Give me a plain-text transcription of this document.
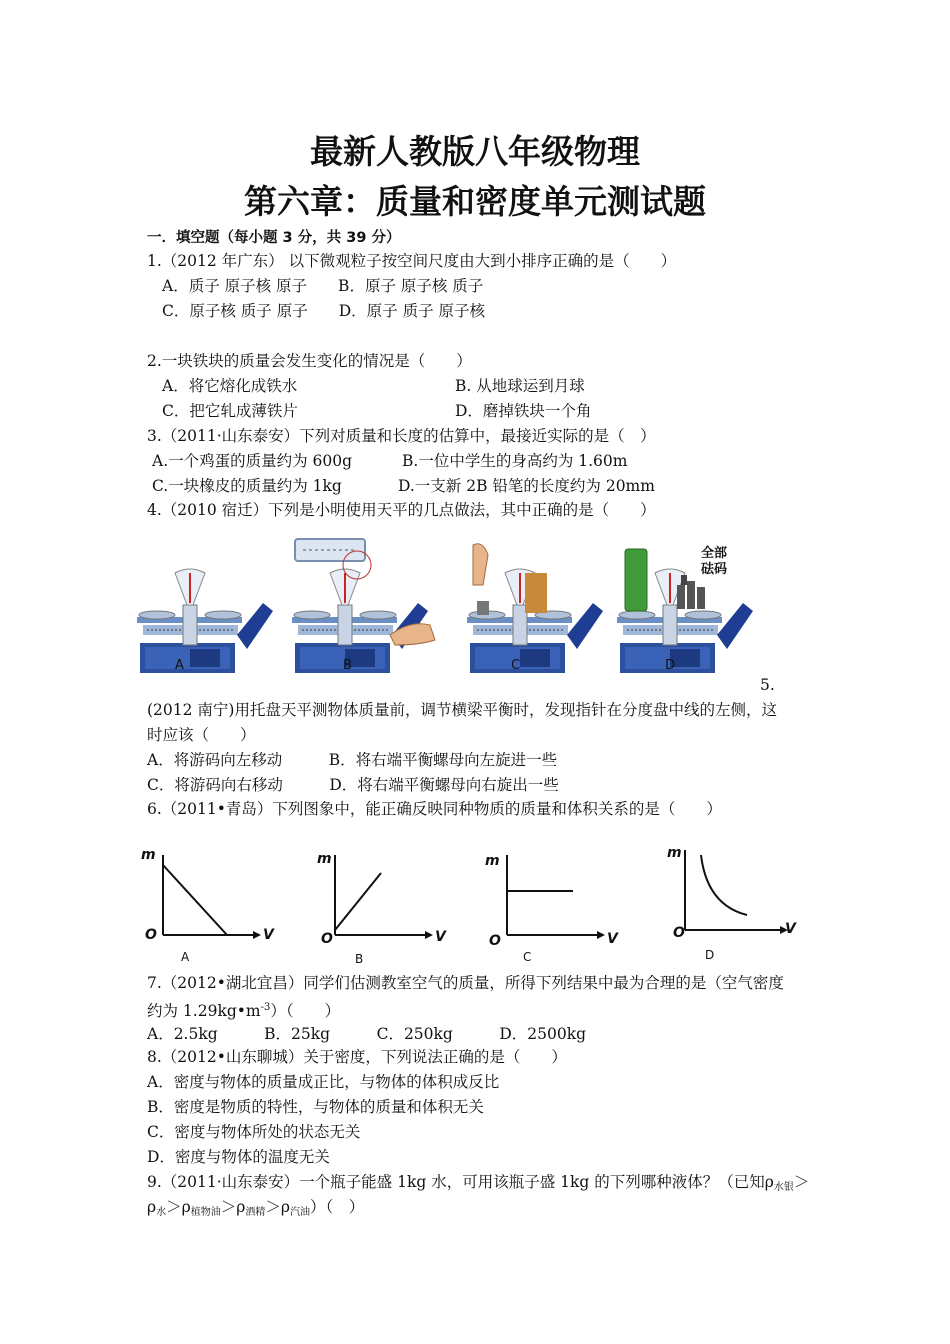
最新人教版八年级物理
第六章：质量和密度单元测试题
一．填空题（每小题 3 分，共 39 分）
1.（2012 年广东） 以下微观粒子按空间尺度由大到小排序正确的是（　　）
A．质子 原子核 原子　　B．原子 原子核 质子
C．原子核 质子 原子　　D．原子 质子 原子核
2.一块铁块的质量会发生变化的情况是（　　）
A．将它熔化成铁水	B. 从地球运到月球
C．把它轧成薄铁片	D．磨掉铁块一个角
3.（2011·山东泰安）下列对质量和长度的估算中，最接近实际的是（　）
A.一个鸡蛋的质量约为 600g	B.一位中学生的身高约为 1.60m
C.一块橡皮的质量约为 1kg	D.一支新 2B 铅笔的长度约为 20mm
4.（2010 宿迁）下列是小明使用天平的几点做法，其中正确的是（　　）
全部
砝码
A	B	C	D
5.
(2012 南宁)用托盘天平测物体质量前，调节横梁平衡时，发现指针在分度盘中线的左侧，这
时应该（　　）
A．将游码向左移动　　　B．将右端平衡螺母向左旋进一些
C．将游码向右移动　　　D．将右端平衡螺母向右旋出一些
6.（2011•青岛）下列图象中，能正确反映同种物质的质量和体积关系的是（　　）
m
O	V
m
O	V
m
O	V
m
O	V
A	B	C	D
7.（2012•湖北宜昌）同学们估测教室空气的质量，所得下列结果中最为合理的是（空气密度
约为 $1.29kg•m^{-3}$）（　　）
A．2.5kg　　　B．25kg　　　C．250kg　　　D．2500kg
8.（2012•山东聊城）关于密度，下列说法正确的是（　　）
A．密度与物体的质量成正比，与物体的体积成反比
B．密度是物质的特性，与物体的质量和体积无关
C．密度与物体所处的状态无关
D．密度与物体的温度无关
9.（2011·山东泰安）一个瓶子能盛 1kg 水，可用该瓶子盛 1kg 的下列哪种液体？（已知$\rho_{水银}>$
$\rho_水>\rho_{植物油}>\rho_{酒精}>\rho_{汽油}$）（　）
